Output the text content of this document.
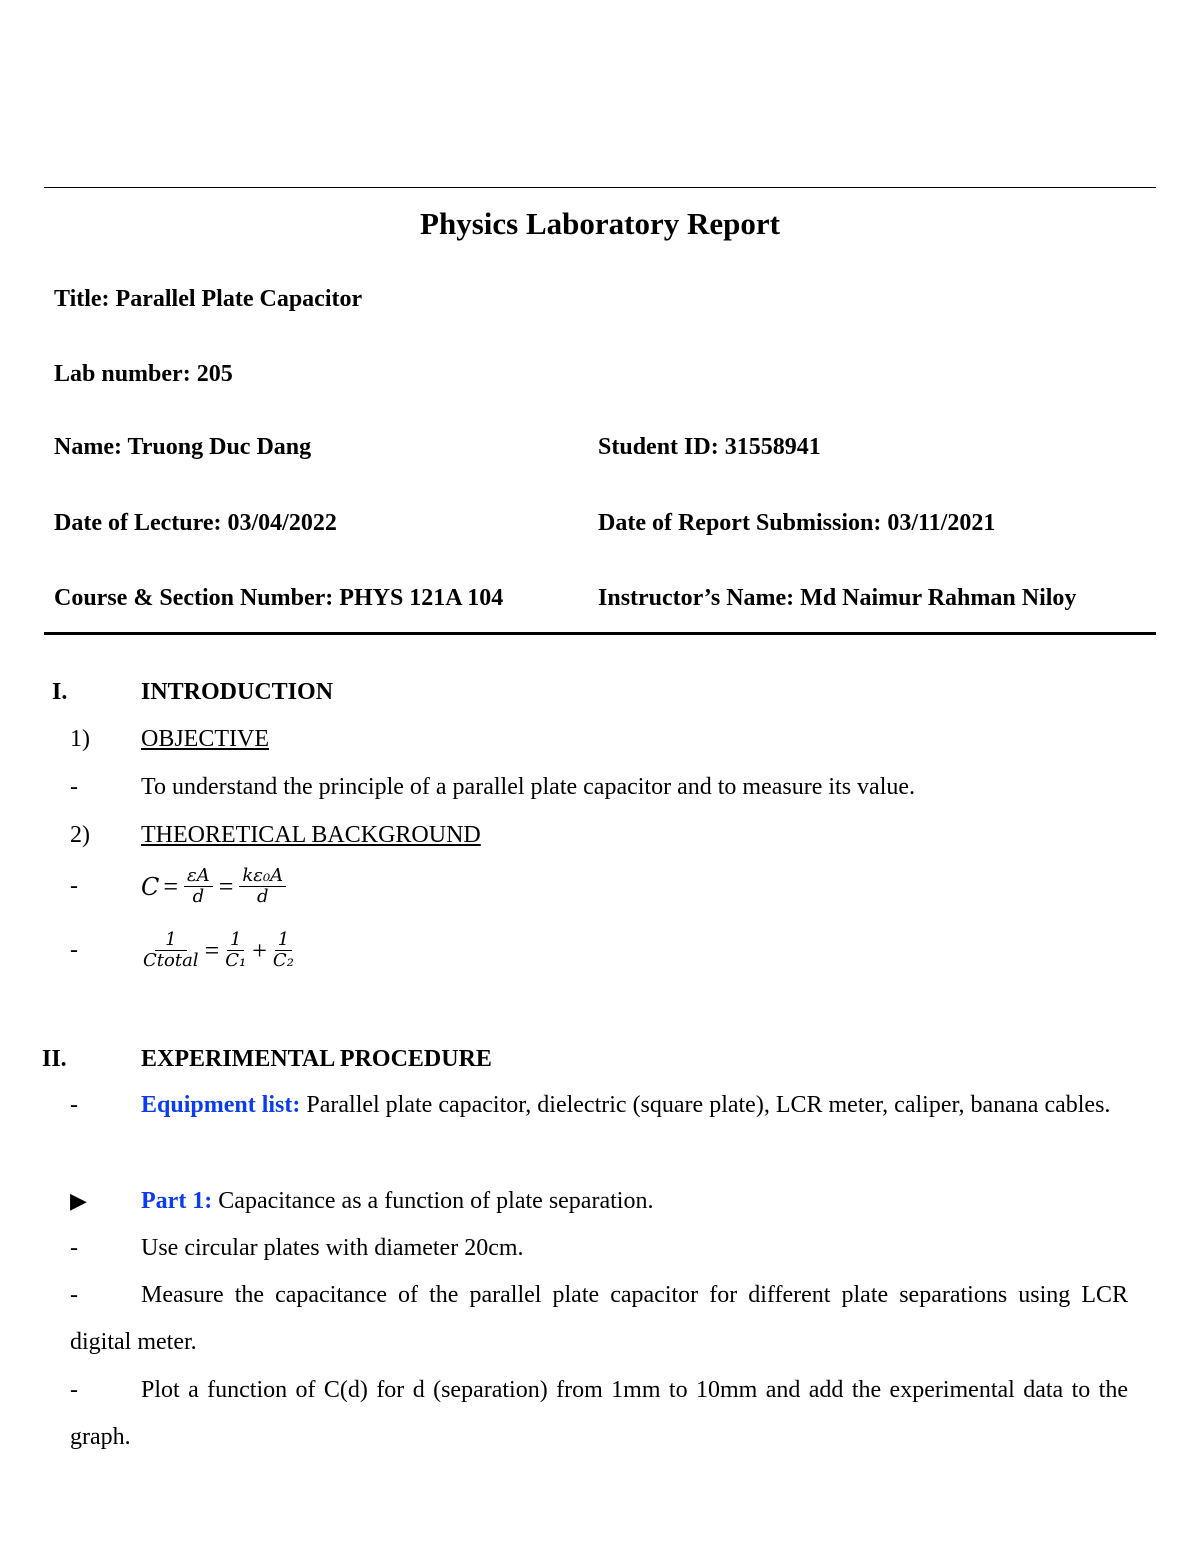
Physics Laboratory Report
Title: Parallel Plate Capacitor
Lab number: 205
Name: Truong Duc Dang	Student ID: 31558941
Date of Lecture: 03/04/2022	Date of Report Submission: 03/11/2021
Course & Section Number: PHYS 121A 104	Instructor’s Name: Md Naimur Rahman Niloy
I.	INTRODUCTION
1) OBJECTIVE
-	To understand the principle of a parallel plate capacitor and to measure its value.
2) THEORETICAL BACKGROUND
-	$C = \frac{\varepsilon A}{d} = \frac{\text{kε₀A}}{d}$
-	$\frac{1}{\text{Ctotal}} = \frac{1}{\text{C₁}} + \frac{1}{\text{C₂}}$
II.	EXPERIMENTAL PROCEDURE
-	Equipment list: Parallel plate capacitor, dielectric (square plate), LCR meter, caliper, banana cables.
▶ Part 1: Capacitance as a function of plate separation.
-	Use circular plates with diameter 20cm.
-	Measure the capacitance of the parallel plate capacitor for different plate separations using LCR digital meter.
-	Plot a function of C(d) for d (separation) from 1mm to 10mm and add the experimental data to the graph.
